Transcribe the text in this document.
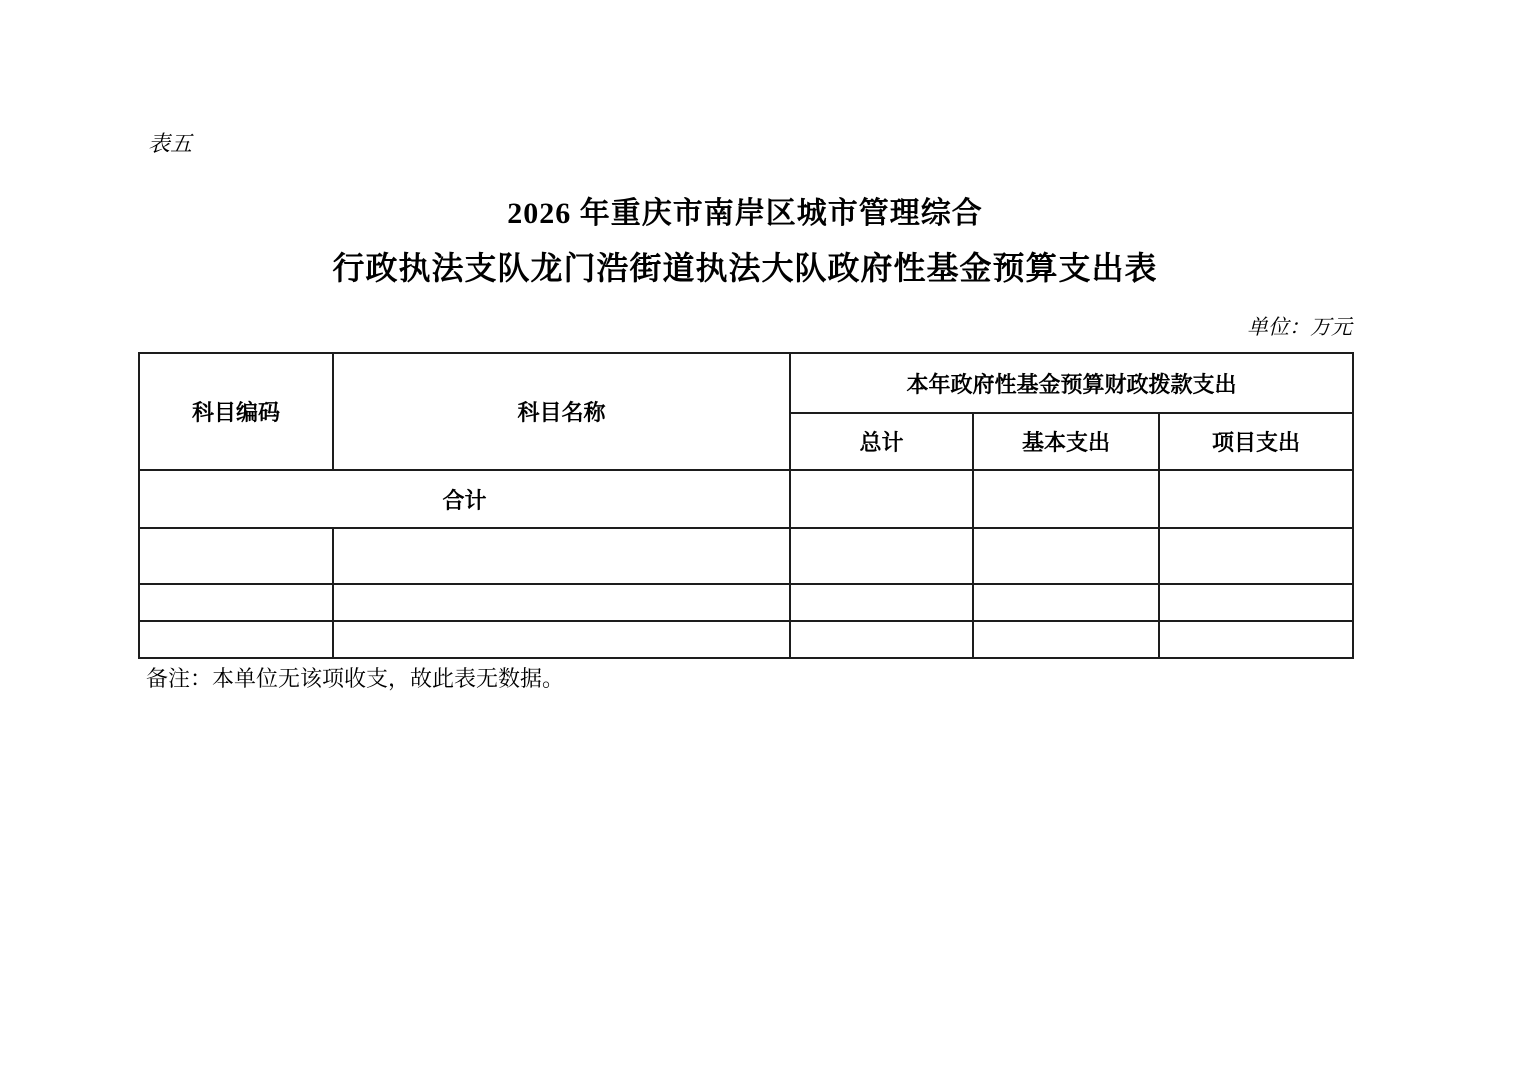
表五
2026 年重庆市南岸区城市管理综合
行政执法支队龙门浩街道执法大队政府性基金预算支出表
单位：万元
科目编码	科目名称	本年政府性基金预算财政拨款支出		
		总计	基本支出	项目支出
合计				

备注：本单位无该项收支，故此表无数据。
